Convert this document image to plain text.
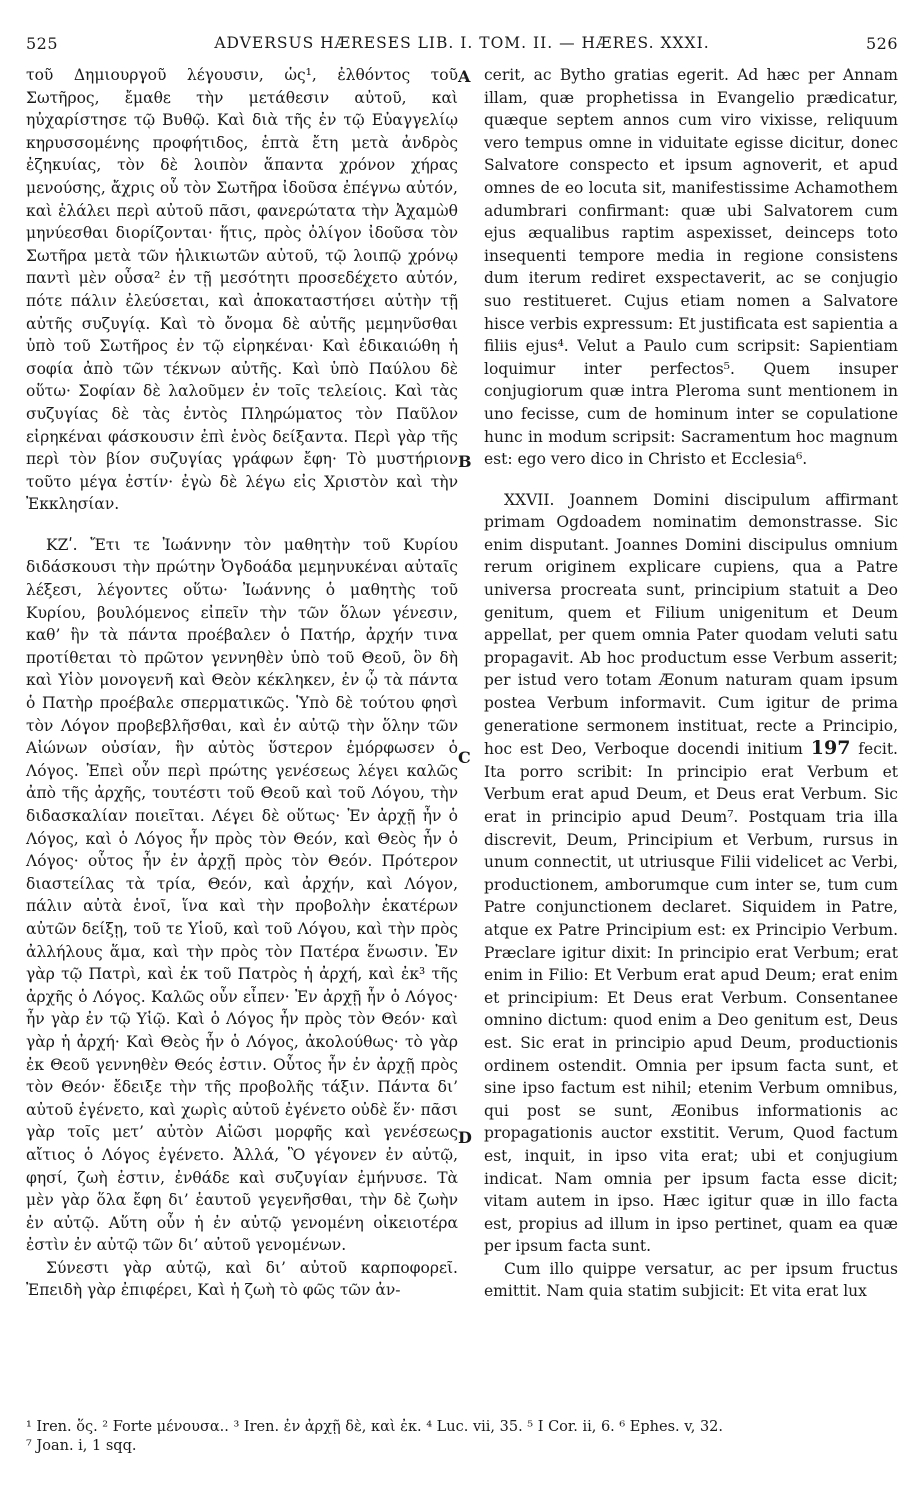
525	ADVERSUS HÆRESES LIB. I. TOM. II. — HÆRES. XXXI.	526

τοῦ Δημιουργοῦ λέγουσιν, ὡς¹, ἐλθόντος τοῦ Σωτῆρος, ἔμαθε τὴν μετάθεσιν αὐτοῦ, καὶ ηὐχαρίστησε τῷ Βυθῷ. Καὶ διὰ τῆς ἐν τῷ Εὐαγγελίῳ κηρυσσομένης προφήτιδος, ἑπτὰ ἔτη μετὰ ἀνδρὸς ἐζηκυίας, τὸν δὲ λοιπὸν ἅπαντα χρόνον χήρας μενούσης, ἄχρις οὗ τὸν Σωτῆρα ἰδοῦσα ἐπέγνω αὐτόν, καὶ ἐλάλει περὶ αὐτοῦ πᾶσι, φανερώτατα τὴν Ἀχαμὼθ μηνύεσθαι διορίζονται· ἥτις, πρὸς ὀλίγον ἰδοῦσα τὸν Σωτῆρα μετὰ τῶν ἡλικιωτῶν αὐτοῦ, τῷ λοιπῷ χρόνῳ παντὶ μὲν οὖσα² ἐν τῇ μεσότητι προσεδέχετο αὐτόν, πότε πάλιν ἐλεύσεται, καὶ ἀποκαταστήσει αὐτὴν τῇ αὐτῆς συζυγίᾳ. Καὶ τὸ ὄνομα δὲ αὐτῆς μεμηνῦσθαι ὑπὸ τοῦ Σωτῆρος ἐν τῷ εἰρηκέναι· Καὶ ἐδικαιώθη ἡ σοφία ἀπὸ τῶν τέκνων αὐτῆς. Καὶ ὑπὸ Παύλου δὲ οὕτω· Σοφίαν δὲ λαλοῦμεν ἐν τοῖς τελείοις. Καὶ τὰς συζυγίας δὲ τὰς ἐντὸς Πληρώματος τὸν Παῦλον εἰρηκέναι φάσκουσιν ἐπὶ ἑνὸς δείξαντα. Περὶ γὰρ τῆς περὶ τὸν βίον συζυγίας γράφων ἔφη· Τὸ μυστήριον τοῦτο μέγα ἐστίν· ἐγὼ δὲ λέγω εἰς Χριστὸν καὶ τὴν Ἐκκλησίαν.

ΚΖʹ. Ἔτι τε Ἰωάννην τὸν μαθητὴν τοῦ Κυρίου διδάσκουσι τὴν πρώτην Ὀγδοάδα μεμηνυκέναι αὐταῖς λέξεσι, λέγοντες οὕτω· Ἰωάννης ὁ μαθητὴς τοῦ Κυρίου, βουλόμενος εἰπεῖν τὴν τῶν ὅλων γένεσιν, καθ’ ἣν τὰ πάντα προέβαλεν ὁ Πατήρ, ἀρχήν τινα προτίθεται τὸ πρῶτον γεννηθὲν ὑπὸ τοῦ Θεοῦ, ὃν δὴ καὶ Υἱὸν μονογενῆ καὶ Θεὸν κέκληκεν, ἐν ᾧ τὰ πάντα ὁ Πατὴρ προέβαλε σπερματικῶς. Ὑπὸ δὲ τούτου φησὶ τὸν Λόγον προβεβλῆσθαι, καὶ ἐν αὐτῷ τὴν ὅλην τῶν Αἰώνων οὐσίαν, ἣν αὐτὸς ὕστερον ἐμόρφωσεν ὁ Λόγος. Ἐπεὶ οὖν περὶ πρώτης γενέσεως λέγει καλῶς ἀπὸ τῆς ἀρχῆς, τουτέστι τοῦ Θεοῦ καὶ τοῦ Λόγου, τὴν διδασκαλίαν ποιεῖται. Λέγει δὲ οὕτως· Ἐν ἀρχῇ ἦν ὁ Λόγος, καὶ ὁ Λόγος ἦν πρὸς τὸν Θεόν, καὶ Θεὸς ἦν ὁ Λόγος· οὗτος ἦν ἐν ἀρχῇ πρὸς τὸν Θεόν. Πρότερον διαστείλας τὰ τρία, Θεόν, καὶ ἀρχήν, καὶ Λόγον, πάλιν αὐτὰ ἑνοῖ, ἵνα καὶ τὴν προβολὴν ἑκατέρων αὐτῶν δείξῃ, τοῦ τε Υἱοῦ, καὶ τοῦ Λόγου, καὶ τὴν πρὸς ἀλλήλους ἅμα, καὶ τὴν πρὸς τὸν Πατέρα ἕνωσιν. Ἐν γὰρ τῷ Πατρὶ, καὶ ἐκ τοῦ Πατρὸς ἡ ἀρχή, καὶ ἐκ³ τῆς ἀρχῆς ὁ Λόγος. Καλῶς οὖν εἶπεν· Ἐν ἀρχῇ ἦν ὁ Λόγος· ἦν γὰρ ἐν τῷ Υἱῷ. Καὶ ὁ Λόγος ἦν πρὸς τὸν Θεόν· καὶ γὰρ ἡ ἀρχή· Καὶ Θεὸς ἦν ὁ Λόγος, ἀκολούθως· τὸ γὰρ ἐκ Θεοῦ γεννηθὲν Θεός ἐστιν. Οὗτος ἦν ἐν ἀρχῇ πρὸς τὸν Θεόν· ἔδειξε τὴν τῆς προβολῆς τάξιν. Πάντα δι’ αὐτοῦ ἐγένετο, καὶ χωρὶς αὐτοῦ ἐγένετο οὐδὲ ἕν· πᾶσι γὰρ τοῖς μετ’ αὐτὸν Αἰῶσι μορφῆς καὶ γενέσεως αἴτιος ὁ Λόγος ἐγένετο. Ἀλλά, Ὃ γέγονεν ἐν αὐτῷ, φησί, ζωὴ ἐστιν, ἐνθάδε καὶ συζυγίαν ἐμήνυσε. Τὰ μὲν γὰρ ὅλα ἔφη δι’ ἑαυτοῦ γεγενῆσθαι, τὴν δὲ ζωὴν ἐν αὐτῷ. Αὕτη οὖν ἡ ἐν αὐτῷ γενομένη οἰκειοτέρα ἐστὶν ἐν αὐτῷ τῶν δι’ αὐτοῦ γενομένων.

Σύνεστι γὰρ αὐτῷ, καὶ δι’ αὐτοῦ καρποφορεῖ. Ἐπειδὴ γὰρ ἐπιφέρει, Καὶ ἡ ζωὴ τὸ φῶς τῶν ἀν-

A
B
C
D

cerit, ac Bytho gratias egerit. Ad hæc per Annam illam, quæ prophetissa in Evangelio prædicatur, quæque septem annos cum viro vixisse, reliquum vero tempus omne in viduitate egisse dicitur, donec Salvatore conspecto et ipsum agnoverit, et apud omnes de eo locuta sit, manifestissime Achamothem adumbrari confirmant: quæ ubi Salvatorem cum ejus æqualibus raptim aspexisset, deinceps toto insequenti tempore media in regione consistens dum iterum rediret exspectaverit, ac se conjugio suo restitueret. Cujus etiam nomen a Salvatore hisce verbis expressum: Et justificata est sapientia a filiis ejus⁴. Velut a Paulo cum scripsit: Sapientiam loquimur inter perfectos⁵. Quem insuper conjugiorum quæ intra Pleroma sunt mentionem in uno fecisse, cum de hominum inter se copulatione hunc in modum scripsit: Sacramentum hoc magnum est: ego vero dico in Christo et Ecclesia⁶.

XXVII. Joannem Domini discipulum affirmant primam Ogdoadem nominatim demonstrasse. Sic enim disputant. Joannes Domini discipulus omnium rerum originem explicare cupiens, qua a Patre universa procreata sunt, principium statuit a Deo genitum, quem et Filium unigenitum et Deum appellat, per quem omnia Pater quodam veluti satu propagavit. Ab hoc productum esse Verbum asserit; per istud vero totam Æonum naturam quam ipsum postea Verbum informavit. Cum igitur de prima generatione sermonem instituat, recte a Principio, hoc est Deo, Verboque docendi initium 197 fecit. Ita porro scribit: In principio erat Verbum et Verbum erat apud Deum, et Deus erat Verbum. Sic erat in principio apud Deum⁷. Postquam tria illa discrevit, Deum, Principium et Verbum, rursus in unum connectit, ut utriusque Filii videlicet ac Verbi, productionem, amborumque cum inter se, tum cum Patre conjunctionem declaret. Siquidem in Patre, atque ex Patre Principium est: ex Principio Verbum. Præclare igitur dixit: In principio erat Verbum; erat enim in Filio: Et Verbum erat apud Deum; erat enim et principium: Et Deus erat Verbum. Consentanee omnino dictum: quod enim a Deo genitum est, Deus est. Sic erat in principio apud Deum, productionis ordinem ostendit. Omnia per ipsum facta sunt, et sine ipso factum est nihil; etenim Verbum omnibus, qui post se sunt, Æonibus informationis ac propagationis auctor exstitit. Verum, Quod factum est, inquit, in ipso vita erat; ubi et conjugium indicat. Nam omnia per ipsum facta esse dicit; vitam autem in ipso. Hæc igitur quæ in illo facta est, propius ad illum in ipso pertinet, quam ea quæ per ipsum facta sunt.

Cum illo quippe versatur, ac per ipsum fructus emittit. Nam quia statim subjicit: Et vita erat lux

¹ Iren. ὅς. ² Forte μένουσα.. ³ Iren. ἐν ἀρχῇ δὲ, καὶ ἐκ. ⁴ Luc. vii, 35. ⁵ I Cor. ii, 6. ⁶ Ephes. v, 32.

⁷ Joan. i, 1 sqq.
